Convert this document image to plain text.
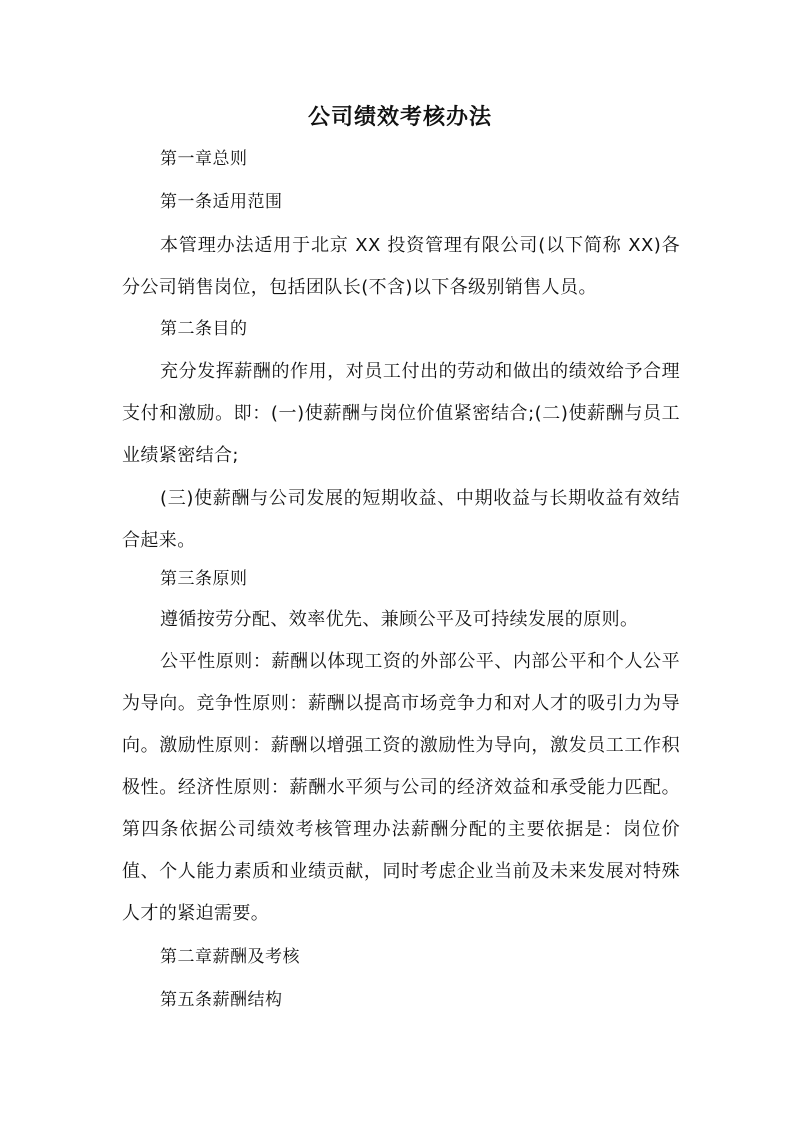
公司绩效考核办法
第一章总则
第一条适用范围
本管理办法适用于北京 XX 投资管理有限公司(以下简称 XX)各分公司销售岗位，包括团队长(不含)以下各级别销售人员。
第二条目的
充分发挥薪酬的作用，对员工付出的劳动和做出的绩效给予合理支付和激励。即：(一)使薪酬与岗位价值紧密结合;(二)使薪酬与员工业绩紧密结合;
(三)使薪酬与公司发展的短期收益、中期收益与长期收益有效结合起来。
第三条原则
遵循按劳分配、效率优先、兼顾公平及可持续发展的原则。
公平性原则：薪酬以体现工资的外部公平、内部公平和个人公平为导向。竞争性原则：薪酬以提高市场竞争力和对人才的吸引力为导向。激励性原则：薪酬以增强工资的激励性为导向，激发员工工作积极性。经济性原则：薪酬水平须与公司的经济效益和承受能力匹配。第四条依据公司绩效考核管理办法薪酬分配的主要依据是：岗位价值、个人能力素质和业绩贡献，同时考虑企业当前及未来发展对特殊人才的紧迫需要。
第二章薪酬及考核
第五条薪酬结构
